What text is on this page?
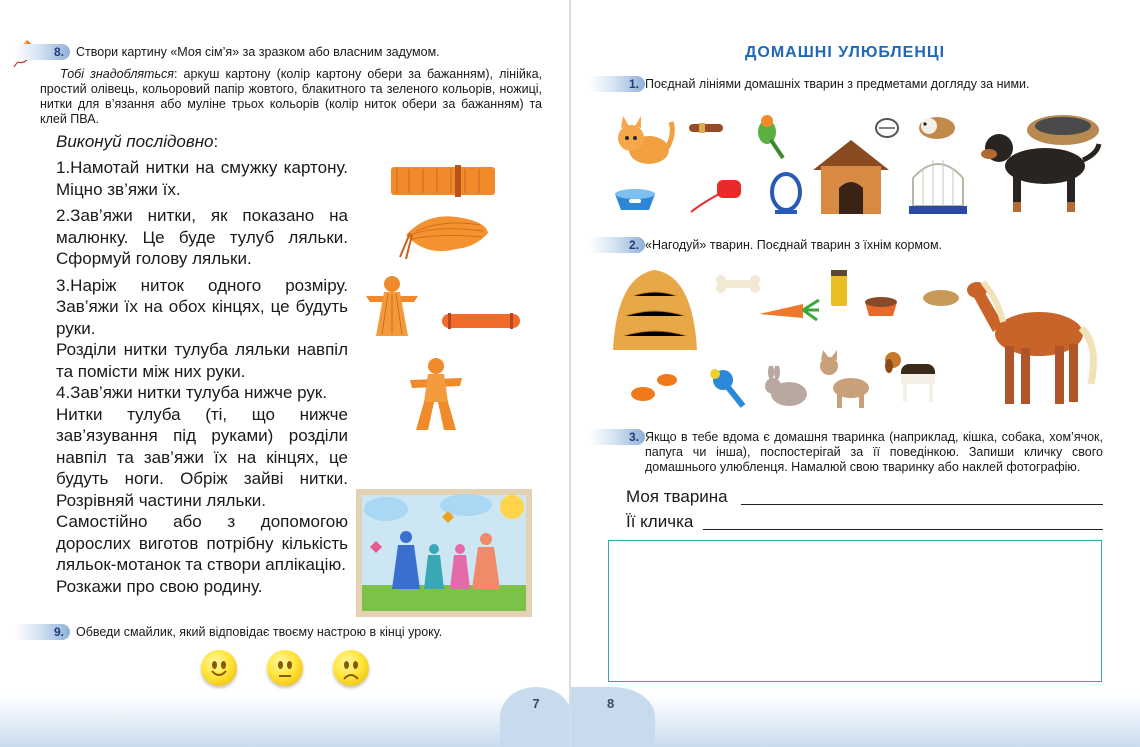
8. Створи картину «Моя сім’я» за зразком або власним задумом.
Тобі знадобляться: аркуш картону (колір картону обери за бажанням), лінійка, простий олівець, кольоровий папір жовтого, блакитного та зеленого кольорів, ножиці, нитки для в’язання або муліне трьох кольорів (колір ниток обери за бажанням) та клей ПВА.
Виконуй послідовно:

1.Намотай нитки на смужку картону. Міцно зв’яжи їх.

2.Зав’яжи нитки, як показано на малюнку. Це буде тулуб ляльки. Сформуй голову ляльки.

3.Наріж ниток одного розміру. Зав’яжи їх на обох кінцях, це будуть руки.

Розділи нитки тулуба ляльки навпіл та помісти між них руки.

4.Зав’яжи нитки тулуба нижче рук.

Нитки тулуба (ті, що нижче зав’язування під руками) розділи навпіл та зав’яжи їх на кінцях, це будуть ноги. Обріж зайві нитки. Розрівняй частини ляльки.

Самостійно або з допомогою дорослих виготов потрібну кількість ляльок-мотанок та створи аплікацію.

Розкажи про свою родину.

9. Обведи смайлик, який відповідає твоєму настрою в кінці уроку.
7
ДОМАШНІ УЛЮБЛЕНЦІ
1. Поєднай лініями домашніх тварин з предметами догляду за ними.
2. «Нагодуй» тварин. Поєднай тварин з їхнім кормом.
3. Якщо в тебе вдома є домашня тваринка (наприклад, кішка, собака, хом’ячок, папуга чи інша), поспостерігай за її поведінкою. Запиши кличку свого домашнього улюбленця. Намалюй свою тваринку або наклей фотографію.
Моя тварина
Її кличка
8
